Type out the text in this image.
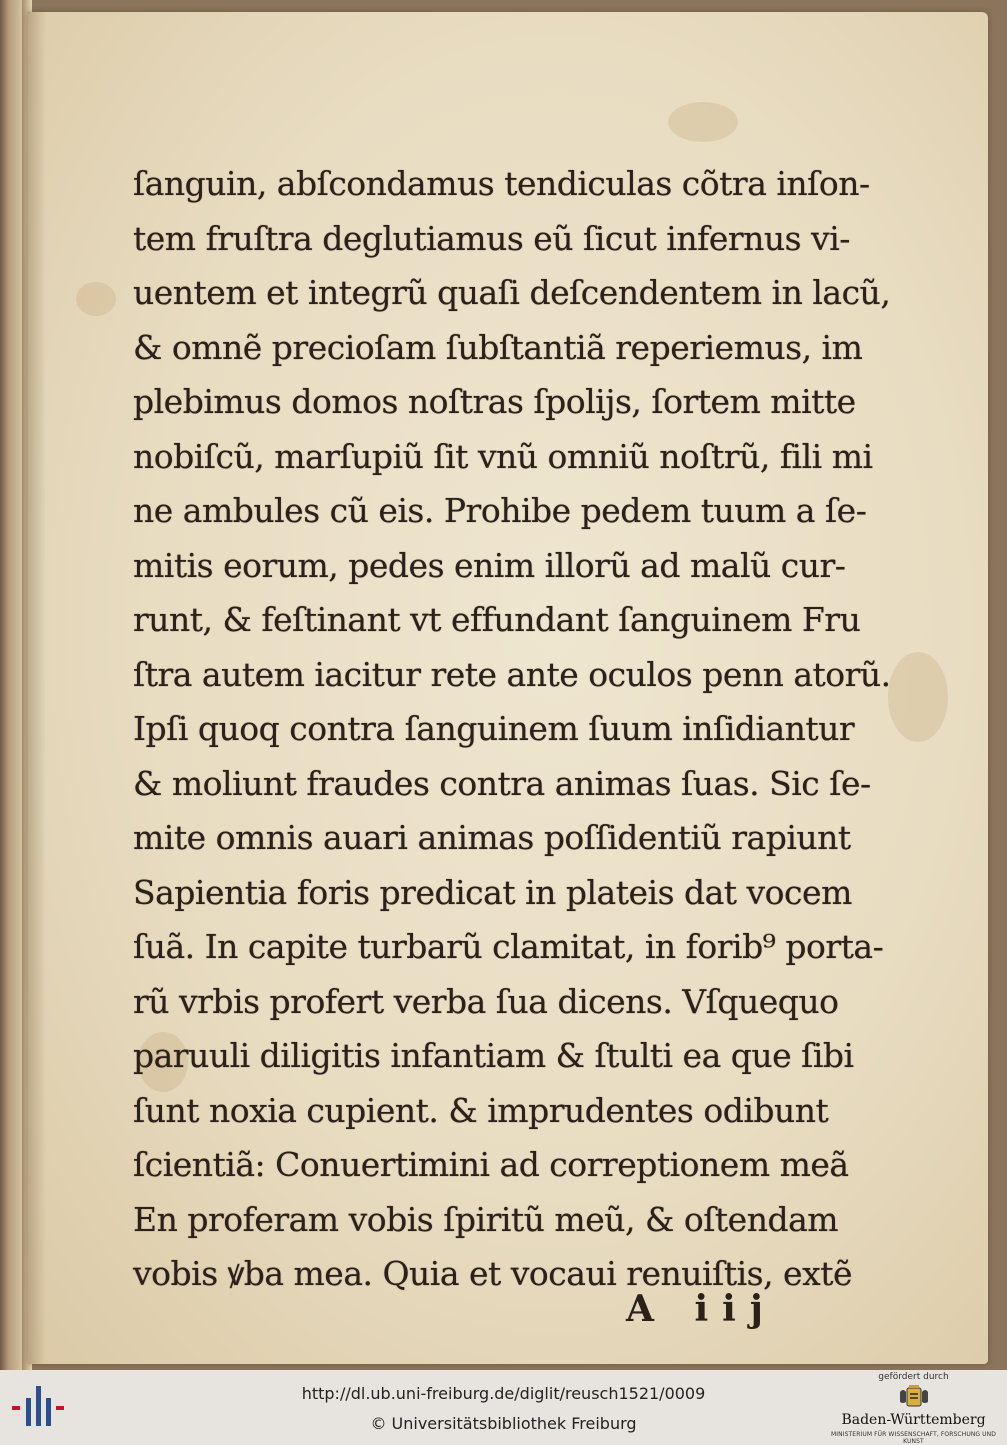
ſanguin, abſcondamus tendiculas cõtra inſon-
tem fruſtra deglutiamus eũ ſicut infernus vi-
uentem et integrũ quaſi deſcendentem in lacũ,
& omnẽ precioſam ſubſtantiã reperiemus, im
plebimus domos noſtras ſpolijs, ſortem mitte
nobiſcũ, marſupiũ ſit vnũ omniũ noſtrũ, fili mi
ne ambules cũ eis. Prohibe pedem tuum a ſe-
mitis eorum, pedes enim illorũ ad malũ cur-
runt, & feſtinant vt effundant ſanguinem Fru
ſtra autem iacitur rete ante oculos penn atorũ.
Ipſi quoq contra ſanguinem ſuum inſidiantur
& moliunt fraudes contra animas ſuas. Sic ſe-
mite omnis auari animas poſſidentiũ rapiunt
Sapientia foris predicat in plateis dat vocem
ſuã. In capite turbarũ clamitat, in forib⁹ porta-
rũ vrbis profert verba ſua dicens. Vſquequo
paruuli diligitis infantiam & ſtulti ea que ſibi
ſunt noxia cupient. & imprudentes odibunt
ſcientiã: Conuertimini ad correptionem meã
En proferam vobis ſpiritũ meũ, & oſtendam
vobis ꝟba mea. Quia et vocaui renuiſtis, extẽ
A iij
http://dl.ub.uni-freiburg.de/diglit/reusch1521/0009
© Universitätsbibliothek Freiburg
gefördert durch
Baden-Württemberg
MINISTERIUM FÜR WISSENSCHAFT, FORSCHUNG UND KUNST
